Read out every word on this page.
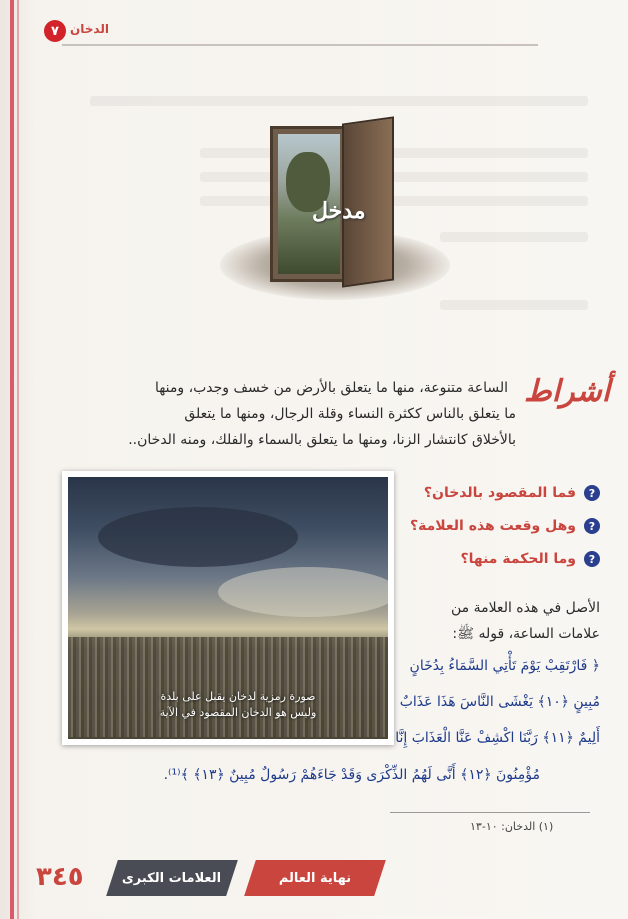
٧ الدخان
مدخل
أشراط
الساعة متنوعة، منها ما يتعلق بالأرض من خسف وجدب، ومنها
ما يتعلق بالناس ككثرة النساء وقلة الرجال، ومنها ما يتعلق
بالأخلاق كانتشار الزنا، ومنها ما يتعلق بالسماء والفلك، ومنه الدخان..
صورة رمزية لدخان يقبل على بلدة
وليس هو الدخان المقصود في الآية
?
فما المقصود بالدخان؟
?
وهل وقعت هذه العلامة؟
?
وما الحكمة منها؟
الأصل في هذه العلامة من
علامات الساعة، قوله ﷺ:
﴿ فَارْتَقِبْ يَوْمَ تَأْتِي السَّمَاءُ بِدُخَانٍ
مُبِينٍ ﴿١٠﴾ يَغْشَى النَّاسَ هَذَا عَذَابٌ
أَلِيمٌ ﴿١١﴾ رَبَّنَا اكْشِفْ عَنَّا الْعَذَابَ إِنَّا
مُؤْمِنُونَ ﴿١٢﴾ أَنَّى لَهُمُ الذِّكْرَى وَقَدْ جَاءَهُمْ رَسُولٌ مُبِينٌ ﴿١٣﴾ ﴾⁽¹⁾.
(١) الدخان: ١٠-١٣
٣٤٥	العلامات الكبرى	نهاية العالم
